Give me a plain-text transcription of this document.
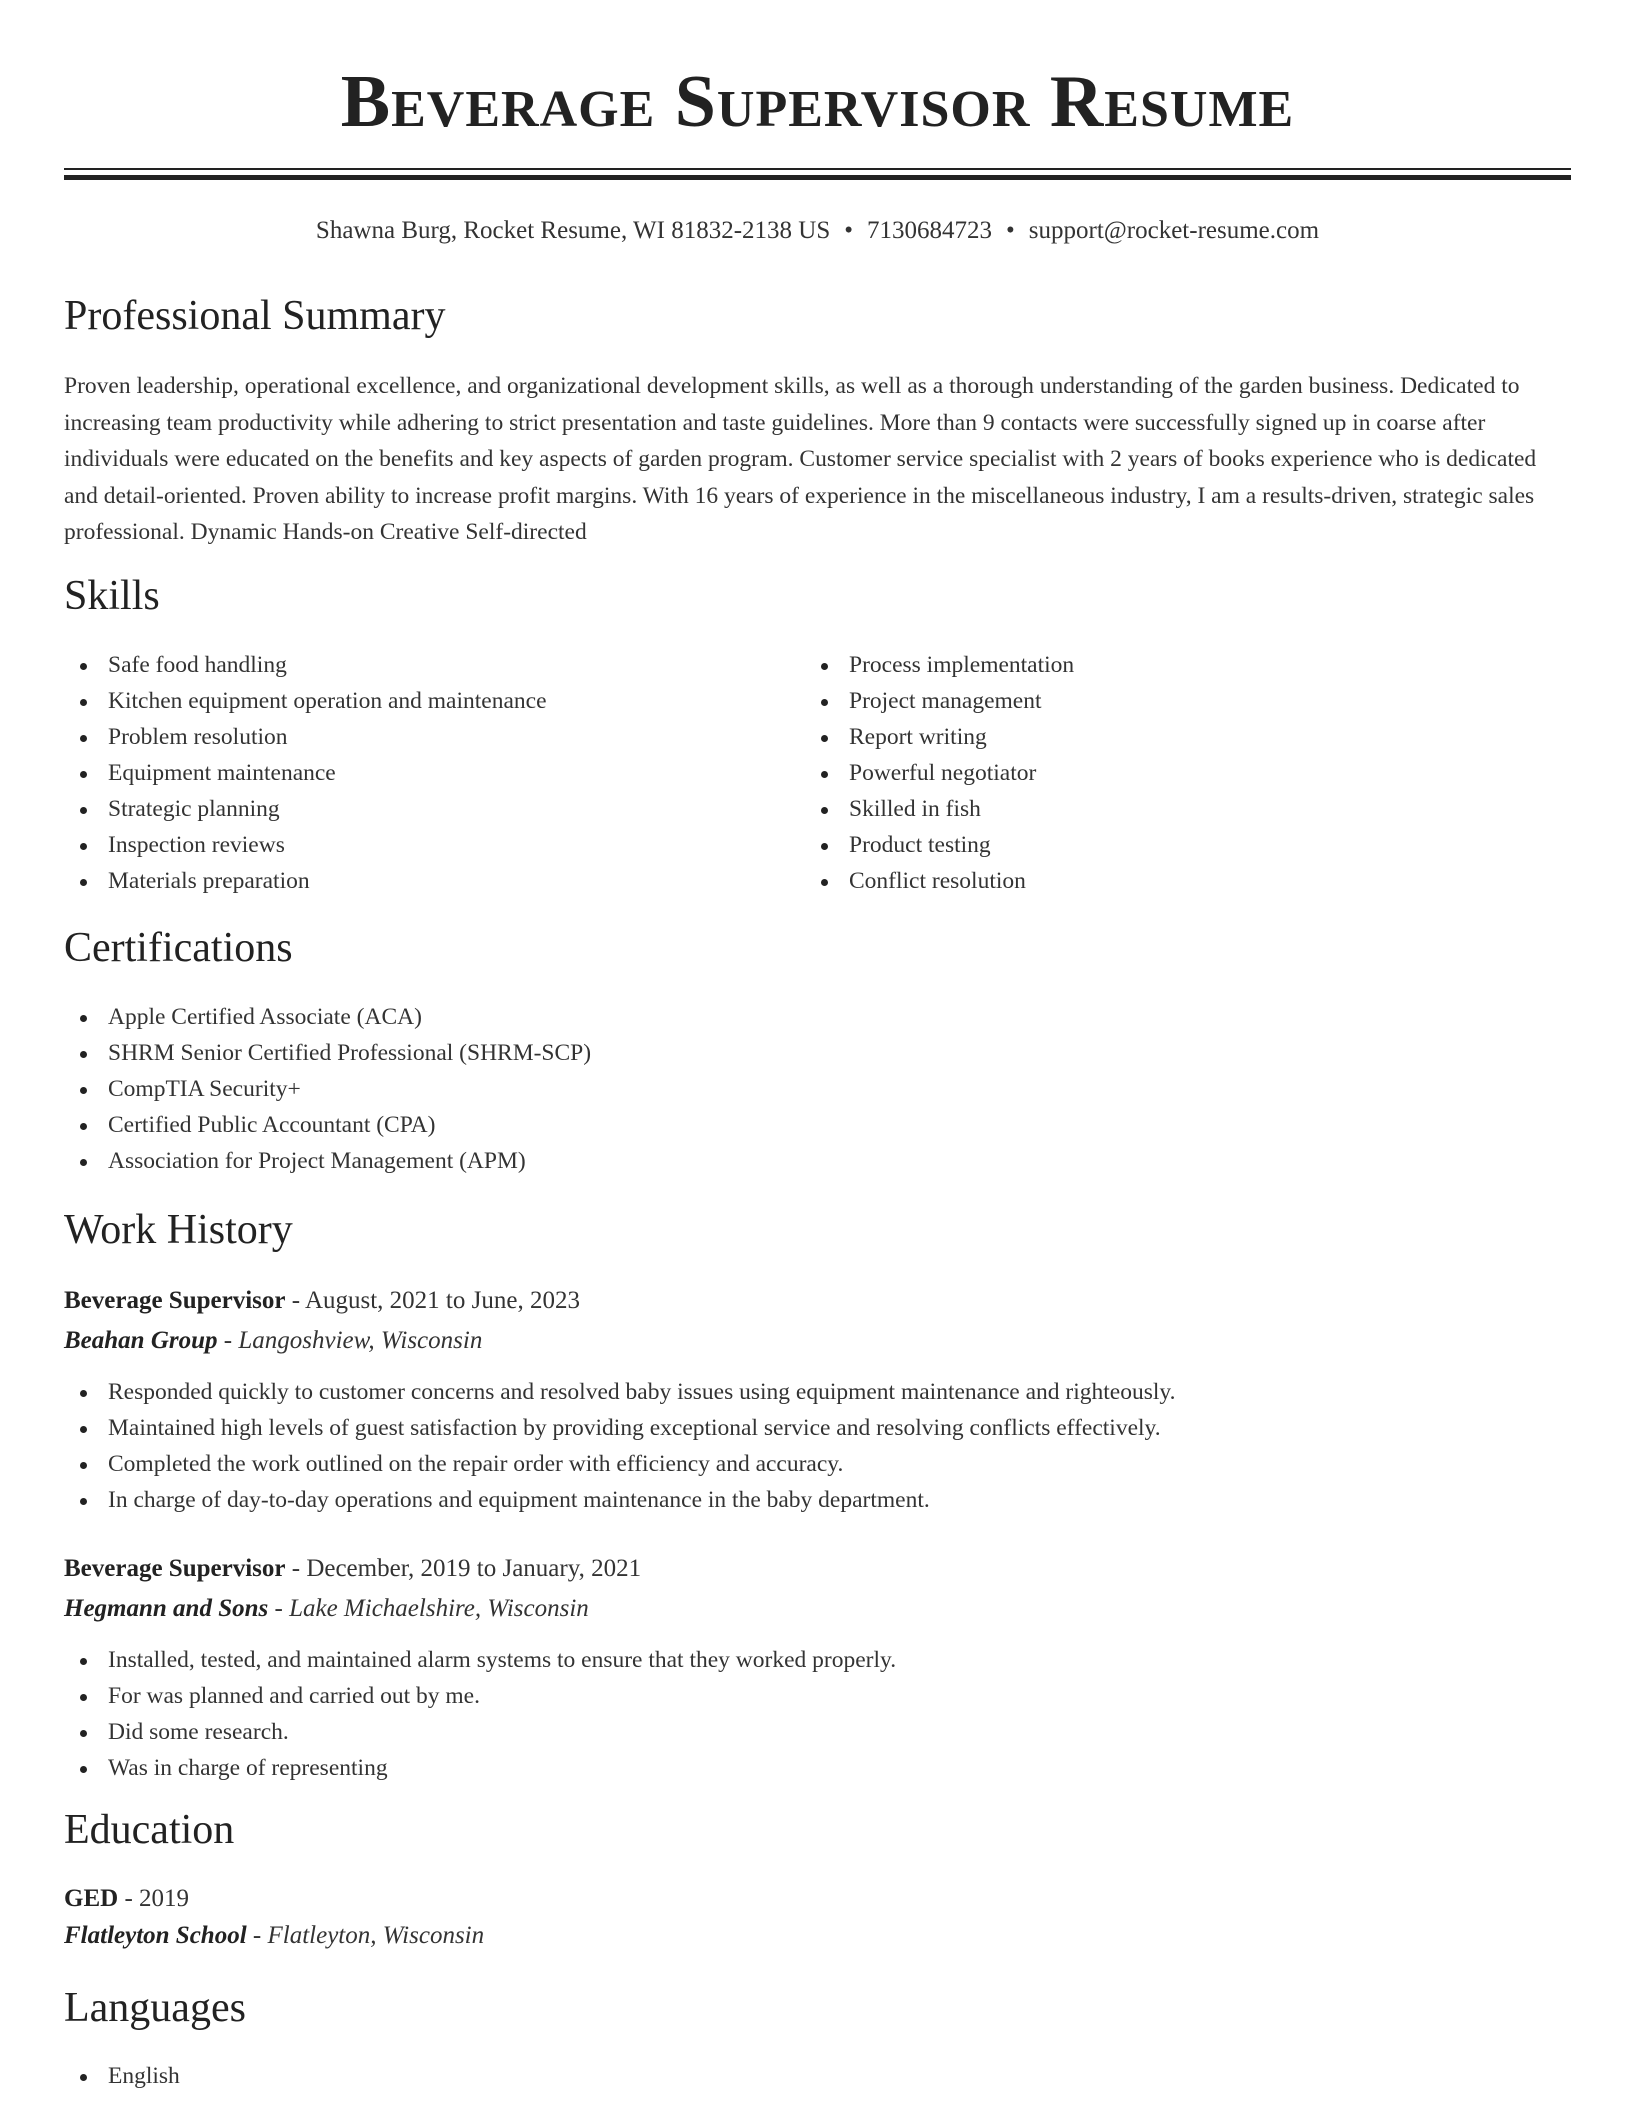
Beverage Supervisor Resume
Shawna Burg, Rocket Resume, WI 81832-2138 US • 7130684723 • support@rocket-resume.com
Professional Summary

Proven leadership, operational excellence, and organizational development skills, as well as a thorough understanding of the garden business. Dedicated to increasing team productivity while adhering to strict presentation and taste guidelines. More than 9 contacts were successfully signed up in coarse after individuals were educated on the benefits and key aspects of garden program. Customer service specialist with 2 years of books experience who is dedicated and detail-oriented. Proven ability to increase profit margins. With 16 years of experience in the miscellaneous industry, I am a results-driven, strategic sales professional. Dynamic Hands-on Creative Self-directed

Skills
Safe food handling
Kitchen equipment operation and maintenance
Problem resolution
Equipment maintenance
Strategic planning
Inspection reviews
Materials preparation
Process implementation
Project management
Report writing
Powerful negotiator
Skilled in fish
Product testing
Conflict resolution
Certifications
Apple Certified Associate (ACA)
SHRM Senior Certified Professional (SHRM-SCP)
CompTIA Security+
Certified Public Accountant (CPA)
Association for Project Management (APM)
Work History
Beverage Supervisor - August, 2021 to June, 2023
Beahan Group - Langoshview, Wisconsin
Responded quickly to customer concerns and resolved baby issues using equipment maintenance and righteously.
Maintained high levels of guest satisfaction by providing exceptional service and resolving conflicts effectively.
Completed the work outlined on the repair order with efficiency and accuracy.
In charge of day-to-day operations and equipment maintenance in the baby department.
Beverage Supervisor - December, 2019 to January, 2021
Hegmann and Sons - Lake Michaelshire, Wisconsin
Installed, tested, and maintained alarm systems to ensure that they worked properly.
For was planned and carried out by me.
Did some research.
Was in charge of representing
Education
GED - 2019
Flatleyton School - Flatleyton, Wisconsin
Languages
English
